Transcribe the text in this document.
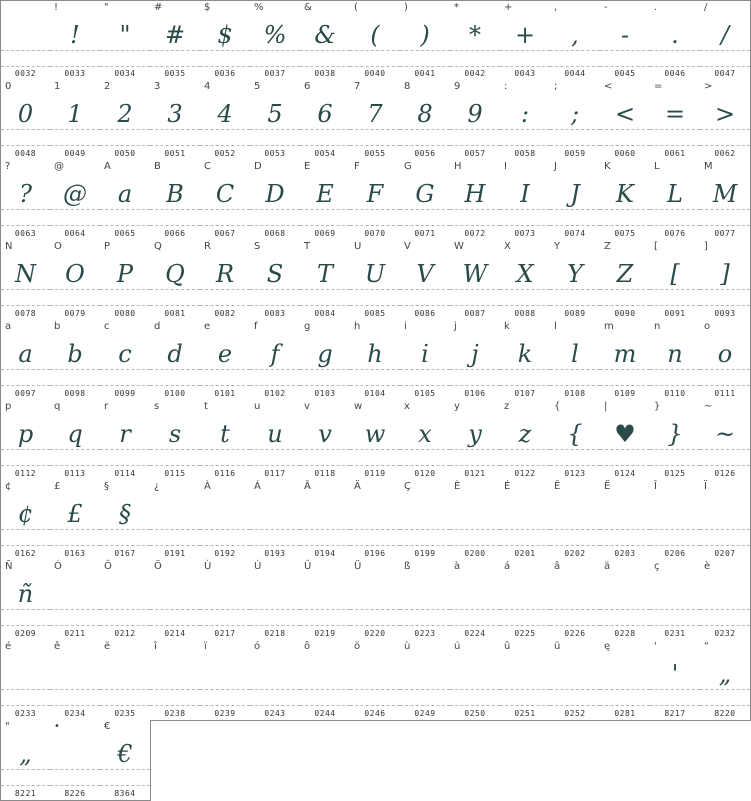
0032
!
!
0033
"
"
0034
#
#
0035
$
$
0036
%
%
0037
&
&
0038
(
(
0040
)
)
0041
*
*
0042
+
+
0043
,
,
0044
-
-
0045
.
.
0046
/
/
0047
0
0
0048
1
1
0049
2
2
0050
3
3
0051
4
4
0052
5
5
0053
6
6
0054
7
7
0055
8
8
0056
9
9
0057
:
:
0058
;
;
0059
<
<
0060
=
=
0061
>
>
0062
?
?
0063
@
@
0064
A
a
0065
B
B
0066
C
C
0067
D
D
0068
E
E
0069
F
F
0070
G
G
0071
H
H
0072
I
I
0073
J
J
0074
K
K
0075
L
L
0076
M
M
0077
N
N
0078
O
O
0079
P
P
0080
Q
Q
0081
R
R
0082
S
S
0083
T
T
0084
U
U
0085
V
V
0086
W
W
0087
X
X
0088
Y
Y
0089
Z
Z
0090
[
[
0091
]
]
0093
a
a
0097
b
b
0098
c
c
0099
d
d
0100
e
e
0101
f
f
0102
g
g
0103
h
h
0104
i
i
0105
j
j
0106
k
k
0107
l
l
0108
m
m
0109
n
n
0110
o
o
0111
p
p
0112
q
q
0113
r
r
0114
s
s
0115
t
t
0116
u
u
0117
v
v
0118
w
w
0119
x
x
0120
y
y
0121
z
z
0122
{
{
0123
|
♥
0124
}
}
0125
~
~
0126
¢
¢
0162
£
£
0163
§
§
0167
¿
0191
À
0192
Á
0193
Â
0194
Ä
0196
Ç
0199
È
0200
É
0201
Ê
0202
Ë
0203
Î
0206
Ï
0207
Ñ
ñ
0209
Ó
0211
Ô
0212
Ö
0214
Ù
0217
Ú
0218
Û
0219
Ü
0220
ß
0223
à
0224
á
0225
â
0226
ä
0228
ç
0231
è
0232
é
0233
ê
0234
ë
0235
î
0238
ï
0239
ó
0243
ô
0244
ö
0246
ù
0249
ú
0250
û
0251
ü
0252
ę
0281
'
'
8217
"
„
8220
"
„
8221
•
8226
€
€
8364
